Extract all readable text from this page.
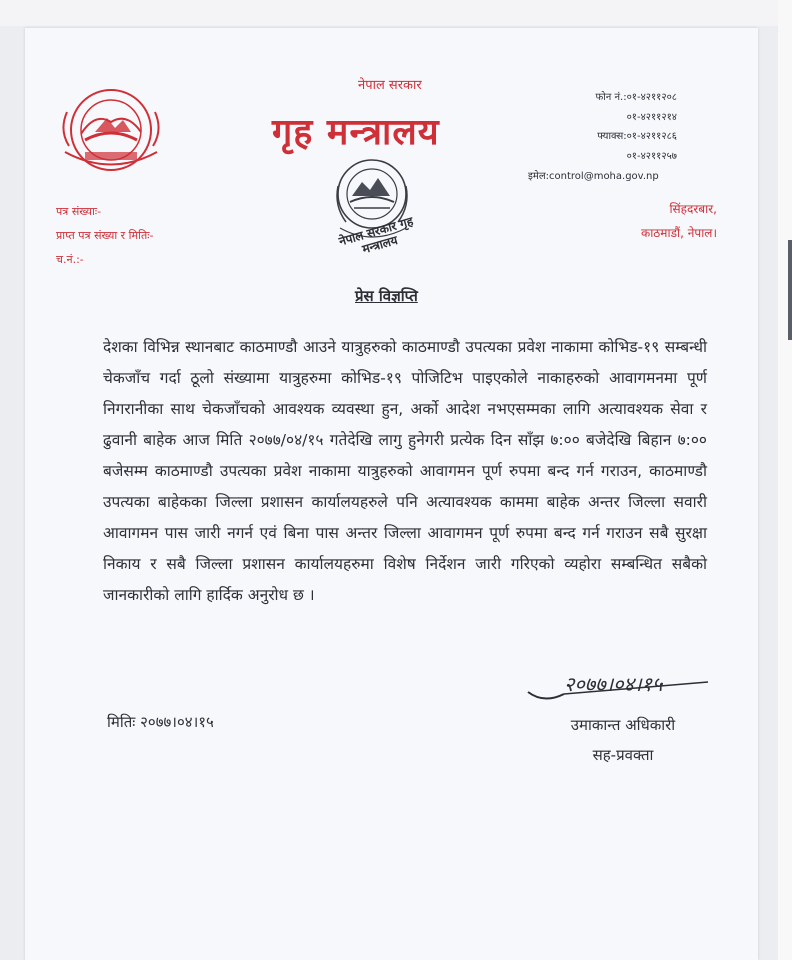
नेपाल सरकार गृह मन्त्रालय
नेपाल सरकार
गृह मन्त्रालय
फोन नं.: ०१-४२११२०८
०१-४२११२१४
फ्याक्स: ०१-४२११२८६
०१-४२११२५७
इमेल:control@moha.gov.np
सिंहदरबार,
काठमाडौं, नेपाल।
पत्र संख्याः-
प्राप्त पत्र संख्या र मितिः-
च.नं.:-
प्रेस विज्ञप्ति
देशका विभिन्न स्थानबाट काठमाण्डौ आउने यात्रुहरुको काठमाण्डौ उपत्यका प्रवेश नाकामा कोभिड-१९ सम्बन्धी चेकजाँच गर्दा ठूलो संख्यामा यात्रुहरुमा कोभिड-१९ पोजिटिभ पाइएकोले नाकाहरुको आवागमनमा पूर्ण निगरानीका साथ चेकजाँचको आवश्यक व्यवस्था हुन, अर्को आदेश नभएसम्मका लागि अत्यावश्यक सेवा र ढुवानी बाहेक आज मिति २०७७/०४/१५ गतेदेखि लागु हुनेगरी प्रत्येक दिन साँझ ७:०० बजेदेखि बिहान ७:०० बजेसम्म काठमाण्डौ उपत्यका प्रवेश नाकामा यात्रुहरुको आवागमन पूर्ण रुपमा बन्द गर्न गराउन, काठमाण्डौ उपत्यका बाहेकका जिल्ला प्रशासन कार्यालयहरुले पनि अत्यावश्यक काममा बाहेक अन्तर जिल्ला सवारी आवागमन पास जारी नगर्न एवं बिना पास अन्तर जिल्ला आवागमन पूर्ण रुपमा बन्द गर्न गराउन सबै सुरक्षा निकाय र सबै जिल्ला प्रशासन कार्यालयहरुमा विशेष निर्देशन जारी गरिएको व्यहोरा सम्बन्धित सबैको जानकारीको लागि हार्दिक अनुरोध छ ।
मितिः २०७७।०४।१५
२०७७।०४।१५
उमाकान्त अधिकारी
सह-प्रवक्ता
